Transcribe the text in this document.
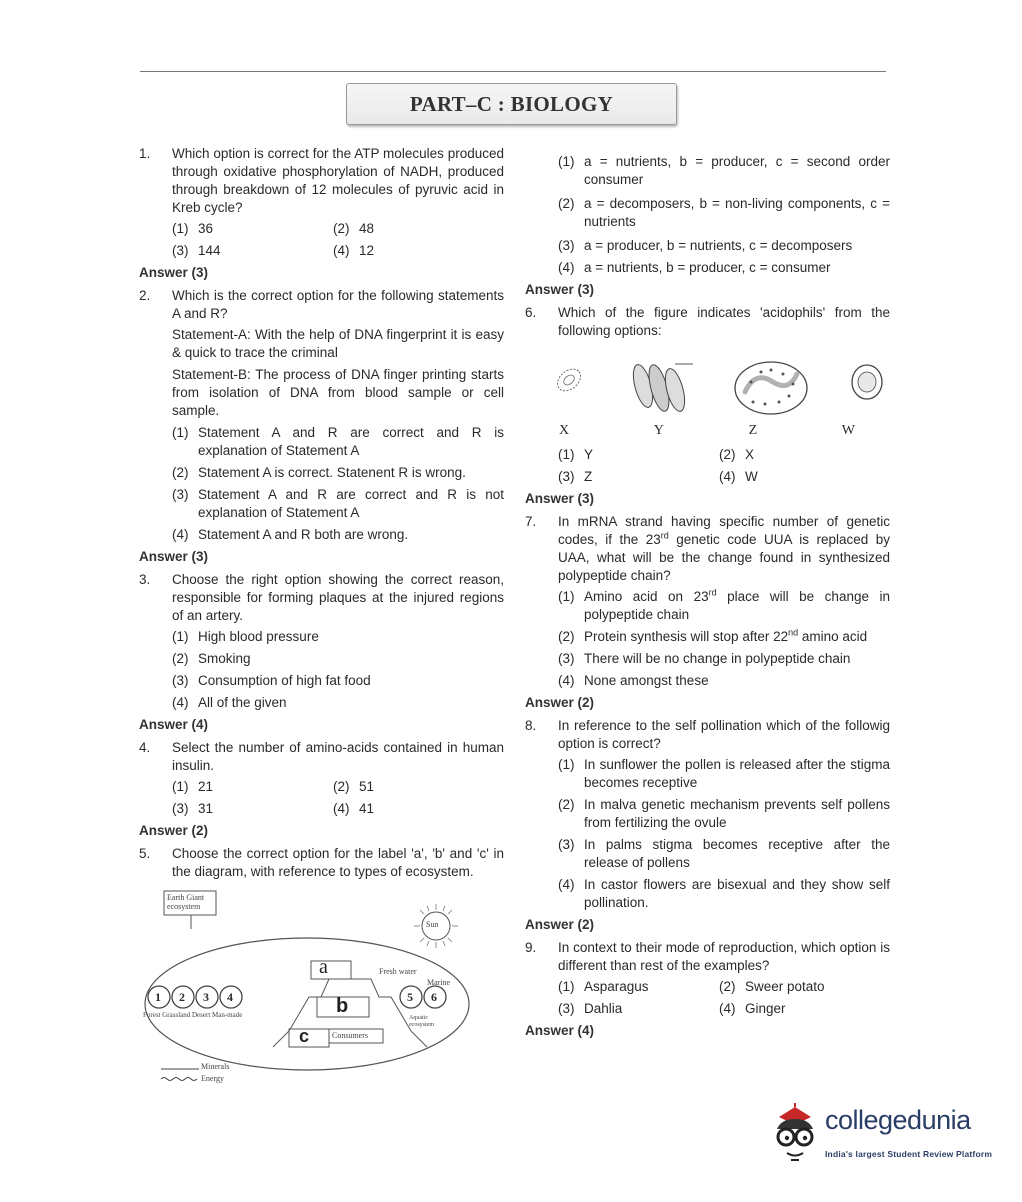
PART–C : BIOLOGY
1.	Which option is correct for the ATP molecules produced through oxidative phosphorylation of NADH, produced through breakdown of 12 molecules of pyruvic acid in Kreb cycle?
(1) 36	(2) 48
(3) 144	(4) 12
Answer (3)
2.	Which is the correct option for the following statements A and R?
Statement-A: With the help of DNA fingerprint it is easy & quick to trace the criminal
Statement-B: The process of DNA finger printing starts from isolation of DNA from blood sample or cell sample.
(1) Statement A and R are correct and R is explanation of Statement A
(2) Statement A is correct. Statenent R is wrong.
(3) Statement A and R are correct and R is not explanation of Statement A
(4) Statement A and R both are wrong.
Answer (3)
3.	Choose the right option showing the correct reason, responsible for forming plaques at the injured regions of an artery.
(1) High blood pressure
(2) Smoking
(3) Consumption of high fat food
(4) All of the given
Answer (4)
4.	Select the number of amino-acids contained in human insulin.
(1) 21	(2) 51
(3) 31	(4) 41
Answer (2)
5.	Choose the correct option for the label 'a', 'b' and 'c' in the diagram, with reference to types of ecosystem.
Earth Giant ecosystem
Sun
Fresh water
Marine
Aquatic ecosystem
Consumers
Forest Grassland Desert Man-made
Minerals
Energy
a
b
c
1 2 3 4	5 6
(1) a = nutrients, b = producer, c = second order consumer
(2) a = decomposers, b = non-living components, c = nutrients
(3) a = producer, b = nutrients, c = decomposers
(4) a = nutrients, b = producer, c = consumer
Answer (3)
6.	Which of the figure indicates 'acidophils' from the following options:
X	Y	Z	W
(1) Y	(2) X
(3) Z	(4) W
Answer (3)
7.	In mRNA strand having specific number of genetic codes, if the 23rd genetic code UUA is replaced by UAA, what will be the change found in synthesized polypeptide chain?
(1) Amino acid on 23rd place will be change in polypeptide chain
(2) Protein synthesis will stop after 22nd amino acid
(3) There will be no change in polypeptide chain
(4) None amongst these
Answer (2)
8.	In reference to the self pollination which of the followig option is correct?
(1) In sunflower the pollen is released after the stigma becomes receptive
(2) In malva genetic mechanism prevents self pollens from fertilizing the ovule
(3) In palms stigma becomes receptive after the release of pollens
(4) In castor flowers are bisexual and they show self pollination.
Answer (2)
9.	In context to their mode of reproduction, which option is different than rest of the examples?
(1) Asparagus	(2) Sweer potato
(3) Dahlia	(4) Ginger
Answer (4)
collegedunia
India's largest Student Review Platform
